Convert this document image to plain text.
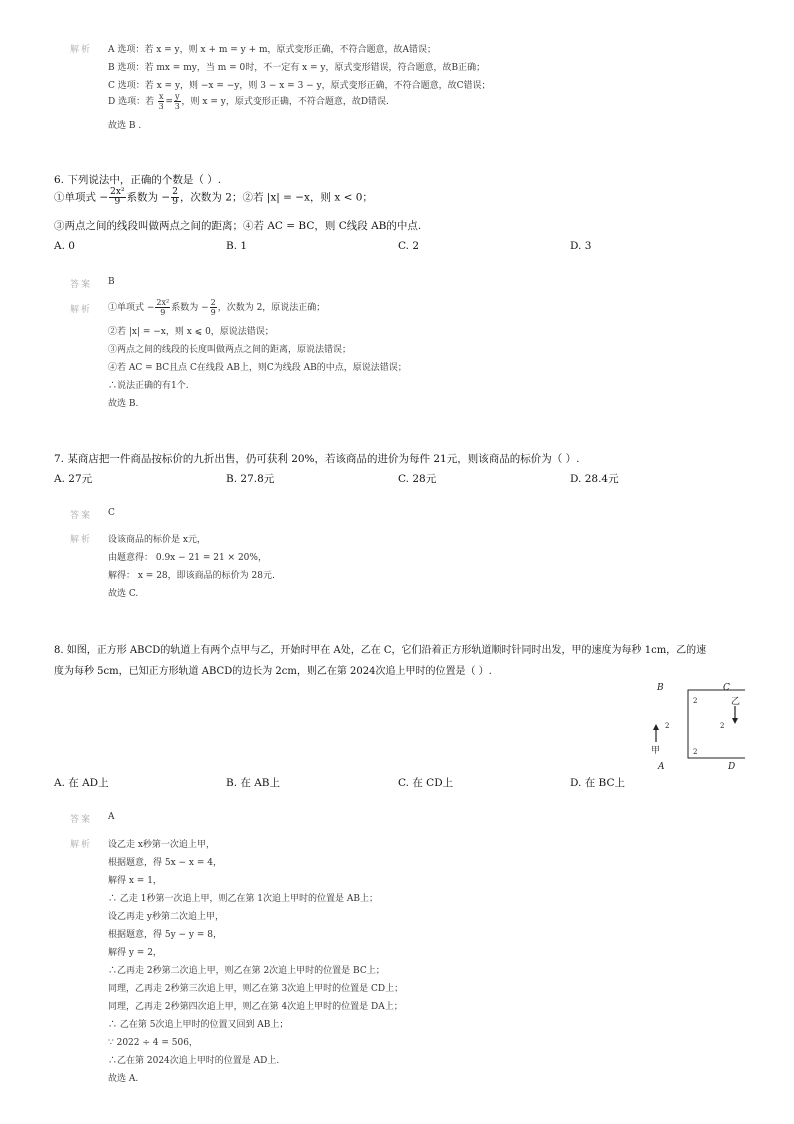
解析 A 选项：若 x = y，则 x + m = y + m，原式变形正确，不符合题意，故A错误；
B 选项：若 mx = my，当 m = 0时，不一定有 x = y，原式变形错误，符合题意，故B正确；
C 选项：若 x = y，则 −x = −y，则 3 − x = 3 − y，原式变形正确，不符合题意，故C错误；
D 选项：若 $\frac{x}{3} = \frac{y}{3}$ ，则 x = y，原式变形正确，不符合题意，故D错误.
故选 B .
6. 下列说法中，正确的个数是（ ）.
①单项式 − $\frac{\text{2x²}}{9}$ 系数为 − $\frac{2}{9}$ ，次数为 2；②若 |x| = −x，则 x < 0；
③两点之间的线段叫做两点之间的距离；④若 AC = BC，则 C线段 AB的中点.
A. 0	B. 1	C. 2	D. 3
答案 B
解析 ①单项式 − $\frac{\text{2x²}}{9}$ 系数为 − $\frac{2}{9}$ ，次数为 2，原说法正确；
②若 |x| = −x，则 x ⩽ 0，原说法错误；
③两点之间的线段的长度叫做两点之间的距离，原说法错误；
④若 AC = BC且点 C在线段 AB上，则C为线段 AB的中点，原说法错误；
∴说法正确的有1个.
故选 B.
7. 某商店把一件商品按标价的九折出售，仍可获利 20%，若该商品的进价为每件 21元，则该商品的标价为（ ）.
A. 27元	B. 27.8元	C. 28元	D. 28.4元
答案 C
解析 设该商品的标价是 x元，
由题意得： 0.9x − 21 = 21 × 20%，
解得： x = 28，即该商品的标价为 28元.
故选 C.
8. 如图，正方形 ABCD的轨道上有两个点甲与乙，开始时甲在 A处，乙在 C，它们沿着正方形轨道顺时针同时出发，甲的速度为每秒 1cm，乙的速
度为每秒 5cm，已知正方形轨道 ABCD的边长为 2cm，则乙在第 2024次追上甲时的位置是（ ）.
B	C
A	D
2
2	2
2
乙
甲
A. 在 AD上	B. 在 AB上	C. 在 CD上	D. 在 BC上
答案 A
解析 设乙走 x秒第一次追上甲，
根据题意，得 5x − x = 4，
解得 x = 1，
∴ 乙走 1秒第一次追上甲，则乙在第 1次追上甲时的位置是 AB上；
设乙再走 y秒第二次追上甲，
根据题意，得 5y − y = 8，
解得 y = 2，
∴乙再走 2秒第二次追上甲，则乙在第 2次追上甲时的位置是 BC上；
同理，乙再走 2秒第三次追上甲，则乙在第 3次追上甲时的位置是 CD上；
同理，乙再走 2秒第四次追上甲，则乙在第 4次追上甲时的位置是 DA上；
∴ 乙在第 5次追上甲时的位置又回到 AB上；
∵ 2022 ÷ 4 = 506，
∴乙在第 2024次追上甲时的位置是 AD上.
故选 A.
